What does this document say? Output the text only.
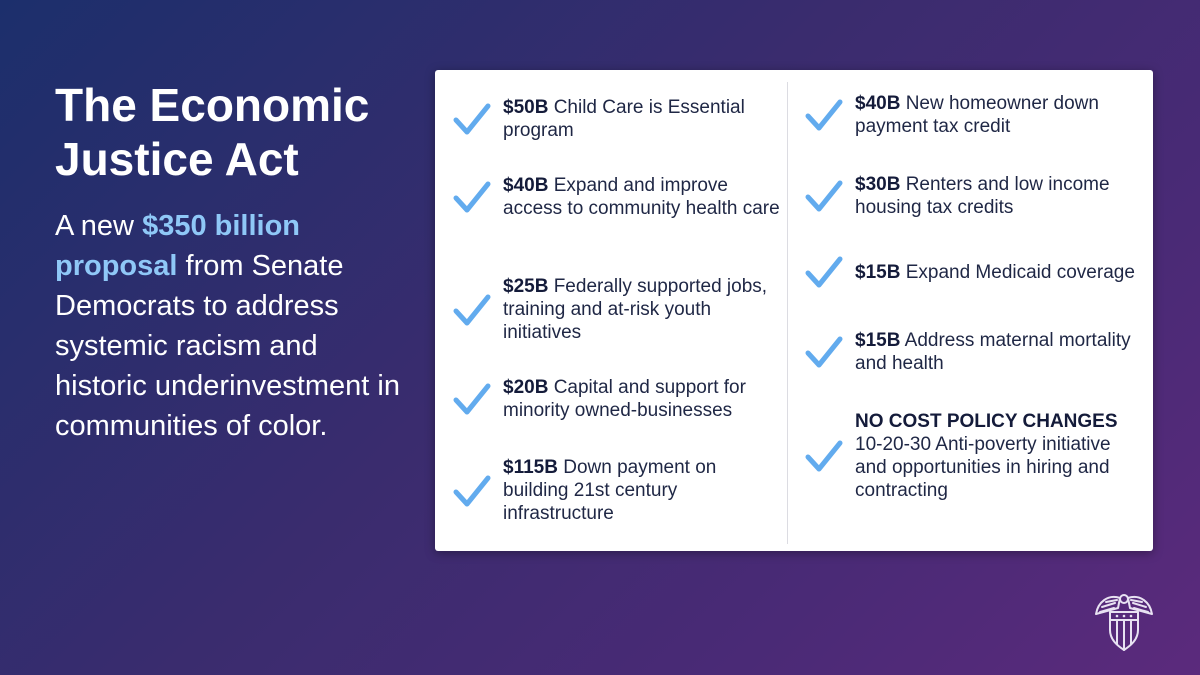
The Economic
Justice Act
A new $350 billion proposal from Senate Democrats to address systemic racism and historic underinvestment in communities of color.
$50B Child Care is Essential program
$40B Expand and improve access to community health care
$25B Federally supported jobs, training and at-risk youth initiatives
$20B Capital and support for minority owned-businesses
$115B Down payment on building 21st century infrastructure
$40B New homeowner down payment tax credit
$30B Renters and low income housing tax credits
$15B Expand Medicaid coverage
$15B Address maternal mortality and health
NO COST POLICY CHANGES 10-20-30 Anti-poverty initiative and opportunities in hiring and contracting
